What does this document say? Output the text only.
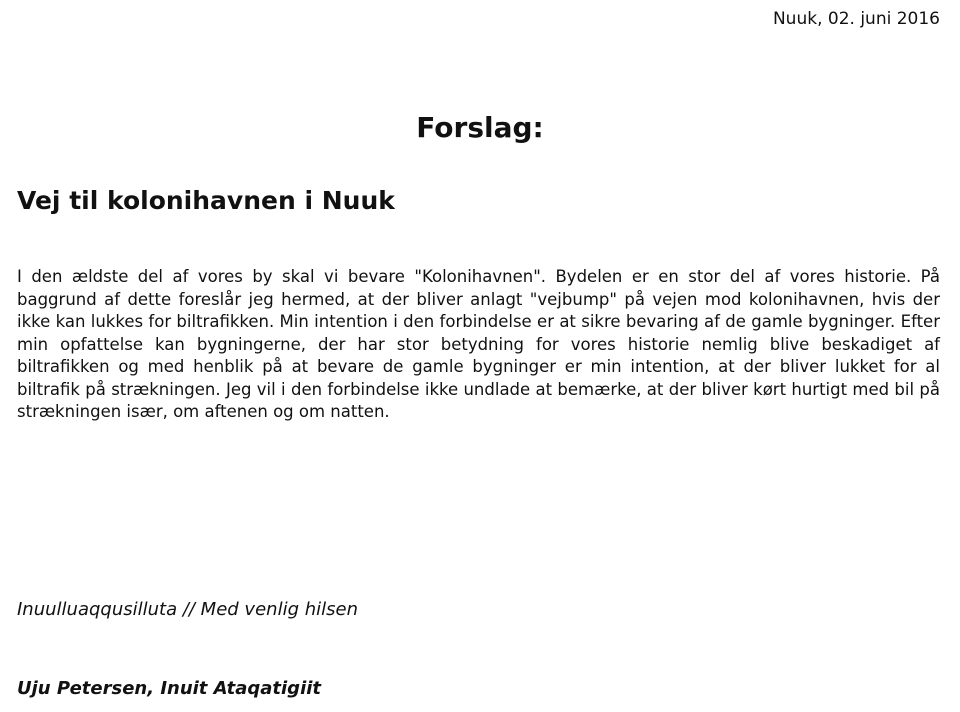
Nuuk, 02. juni 2016
Forslag:
Vej til kolonihavnen i Nuuk

I den ældste del af vores by skal vi bevare "Kolonihavnen". Bydelen er en stor del af vores historie. På baggrund af dette foreslår jeg hermed, at der bliver anlagt "vejbump" på vejen mod kolonihavnen, hvis der ikke kan lukkes for biltrafikken. Min intention i den forbindelse er at sikre bevaring af de gamle bygninger. Efter min opfattelse kan bygningerne, der har stor betydning for vores historie nemlig blive beskadiget af biltrafikken og med henblik på at bevare de gamle bygninger er min intention, at der bliver lukket for al biltrafik på strækningen. Jeg vil i den forbindelse ikke undlade at bemærke, at der bliver kørt hurtigt med bil på strækningen især, om aftenen og om natten.

Inuulluaqqusilluta // Med venlig hilsen
Uju Petersen, Inuit Ataqatigiit
